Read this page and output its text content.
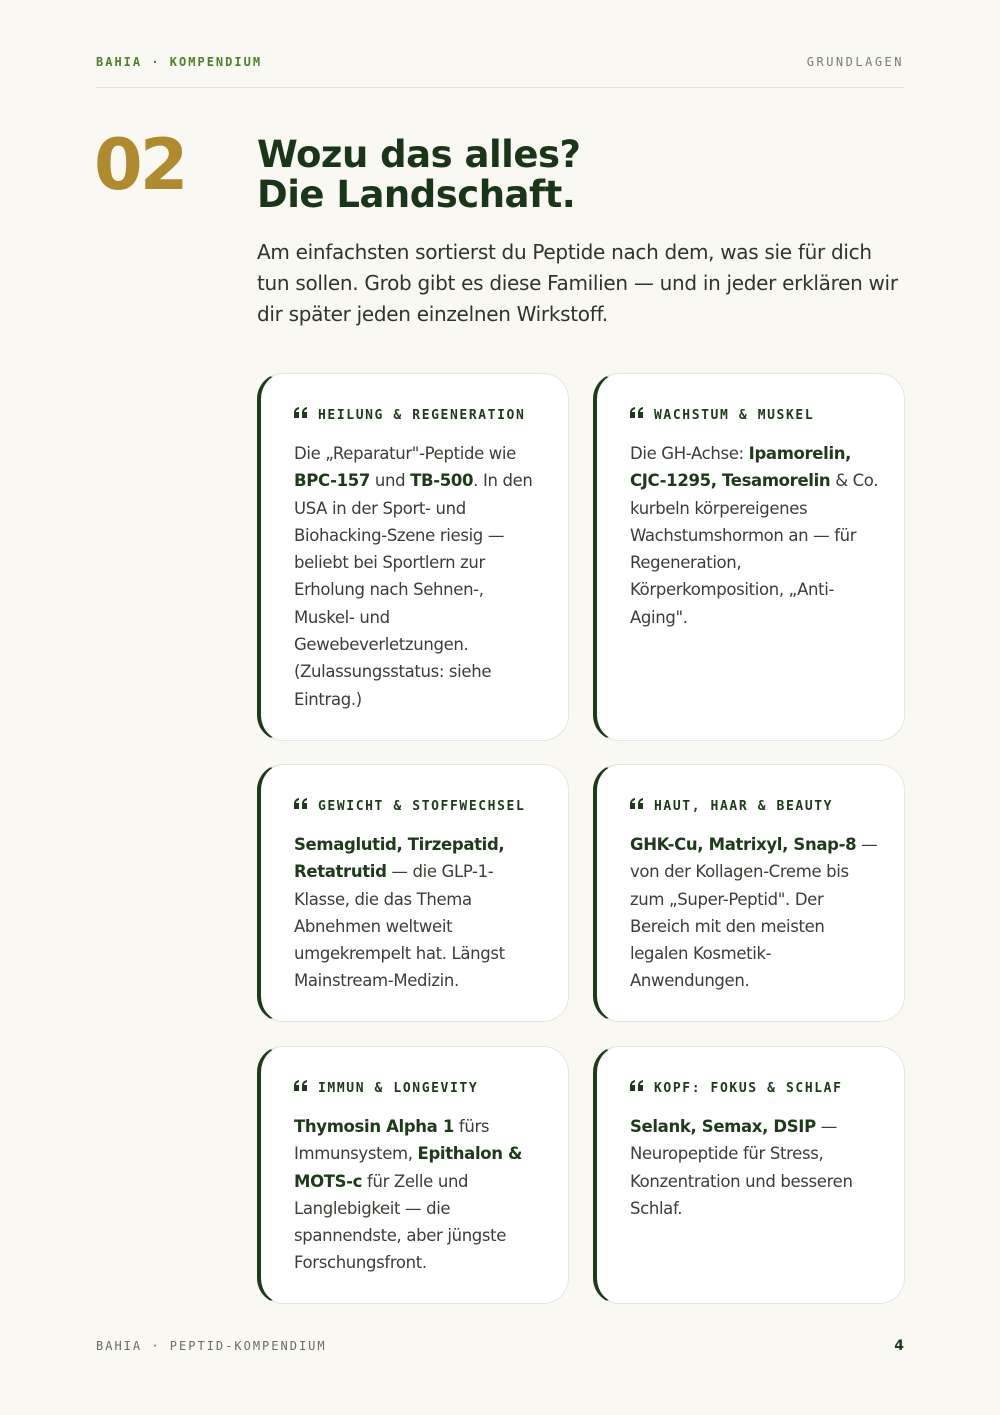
BAHIA · KOMPENDIUM	GRUNDLAGEN
02 Wozu das alles?
Die Landschaft.

Am einfachsten sortierst du Peptide nach dem, was sie für dich tun sollen. Grob gibt es diese Familien — und in jeder erklären wir dir später jeden einzelnen Wirkstoff.

HEILUNG & REGENERATION

Die „Reparatur"-Peptide wie BPC-157 und TB-500. In den USA in der Sport- und Biohacking-Szene riesig — beliebt bei Sportlern zur Erholung nach Sehnen-, Muskel- und Gewebeverletzungen. (Zulassungsstatus: siehe Eintrag.)

WACHSTUM & MUSKEL

Die GH-Achse: Ipamorelin, CJC-1295, Tesamorelin & Co. kurbeln körpereigenes Wachstumshormon an — für Regeneration, Körperkomposition, „Anti-Aging".

GEWICHT & STOFFWECHSEL

Semaglutid, Tirzepatid, Retatrutid — die GLP-1-Klasse, die das Thema Abnehmen weltweit umgekrempelt hat. Längst Mainstream-Medizin.

HAUT, HAAR & BEAUTY

GHK-Cu, Matrixyl, Snap-8 — von der Kollagen-Creme bis zum „Super-Peptid". Der Bereich mit den meisten legalen Kosmetik-Anwendungen.

IMMUN & LONGEVITY

Thymosin Alpha 1 fürs Immunsystem, Epithalon & MOTS-c für Zelle und Langlebigkeit — die spannendste, aber jüngste Forschungsfront.

KOPF: FOKUS & SCHLAF

Selank, Semax, DSIP — Neuropeptide für Stress, Konzentration und besseren Schlaf.

BAHIA · PEPTID-KOMPENDIUM	4
